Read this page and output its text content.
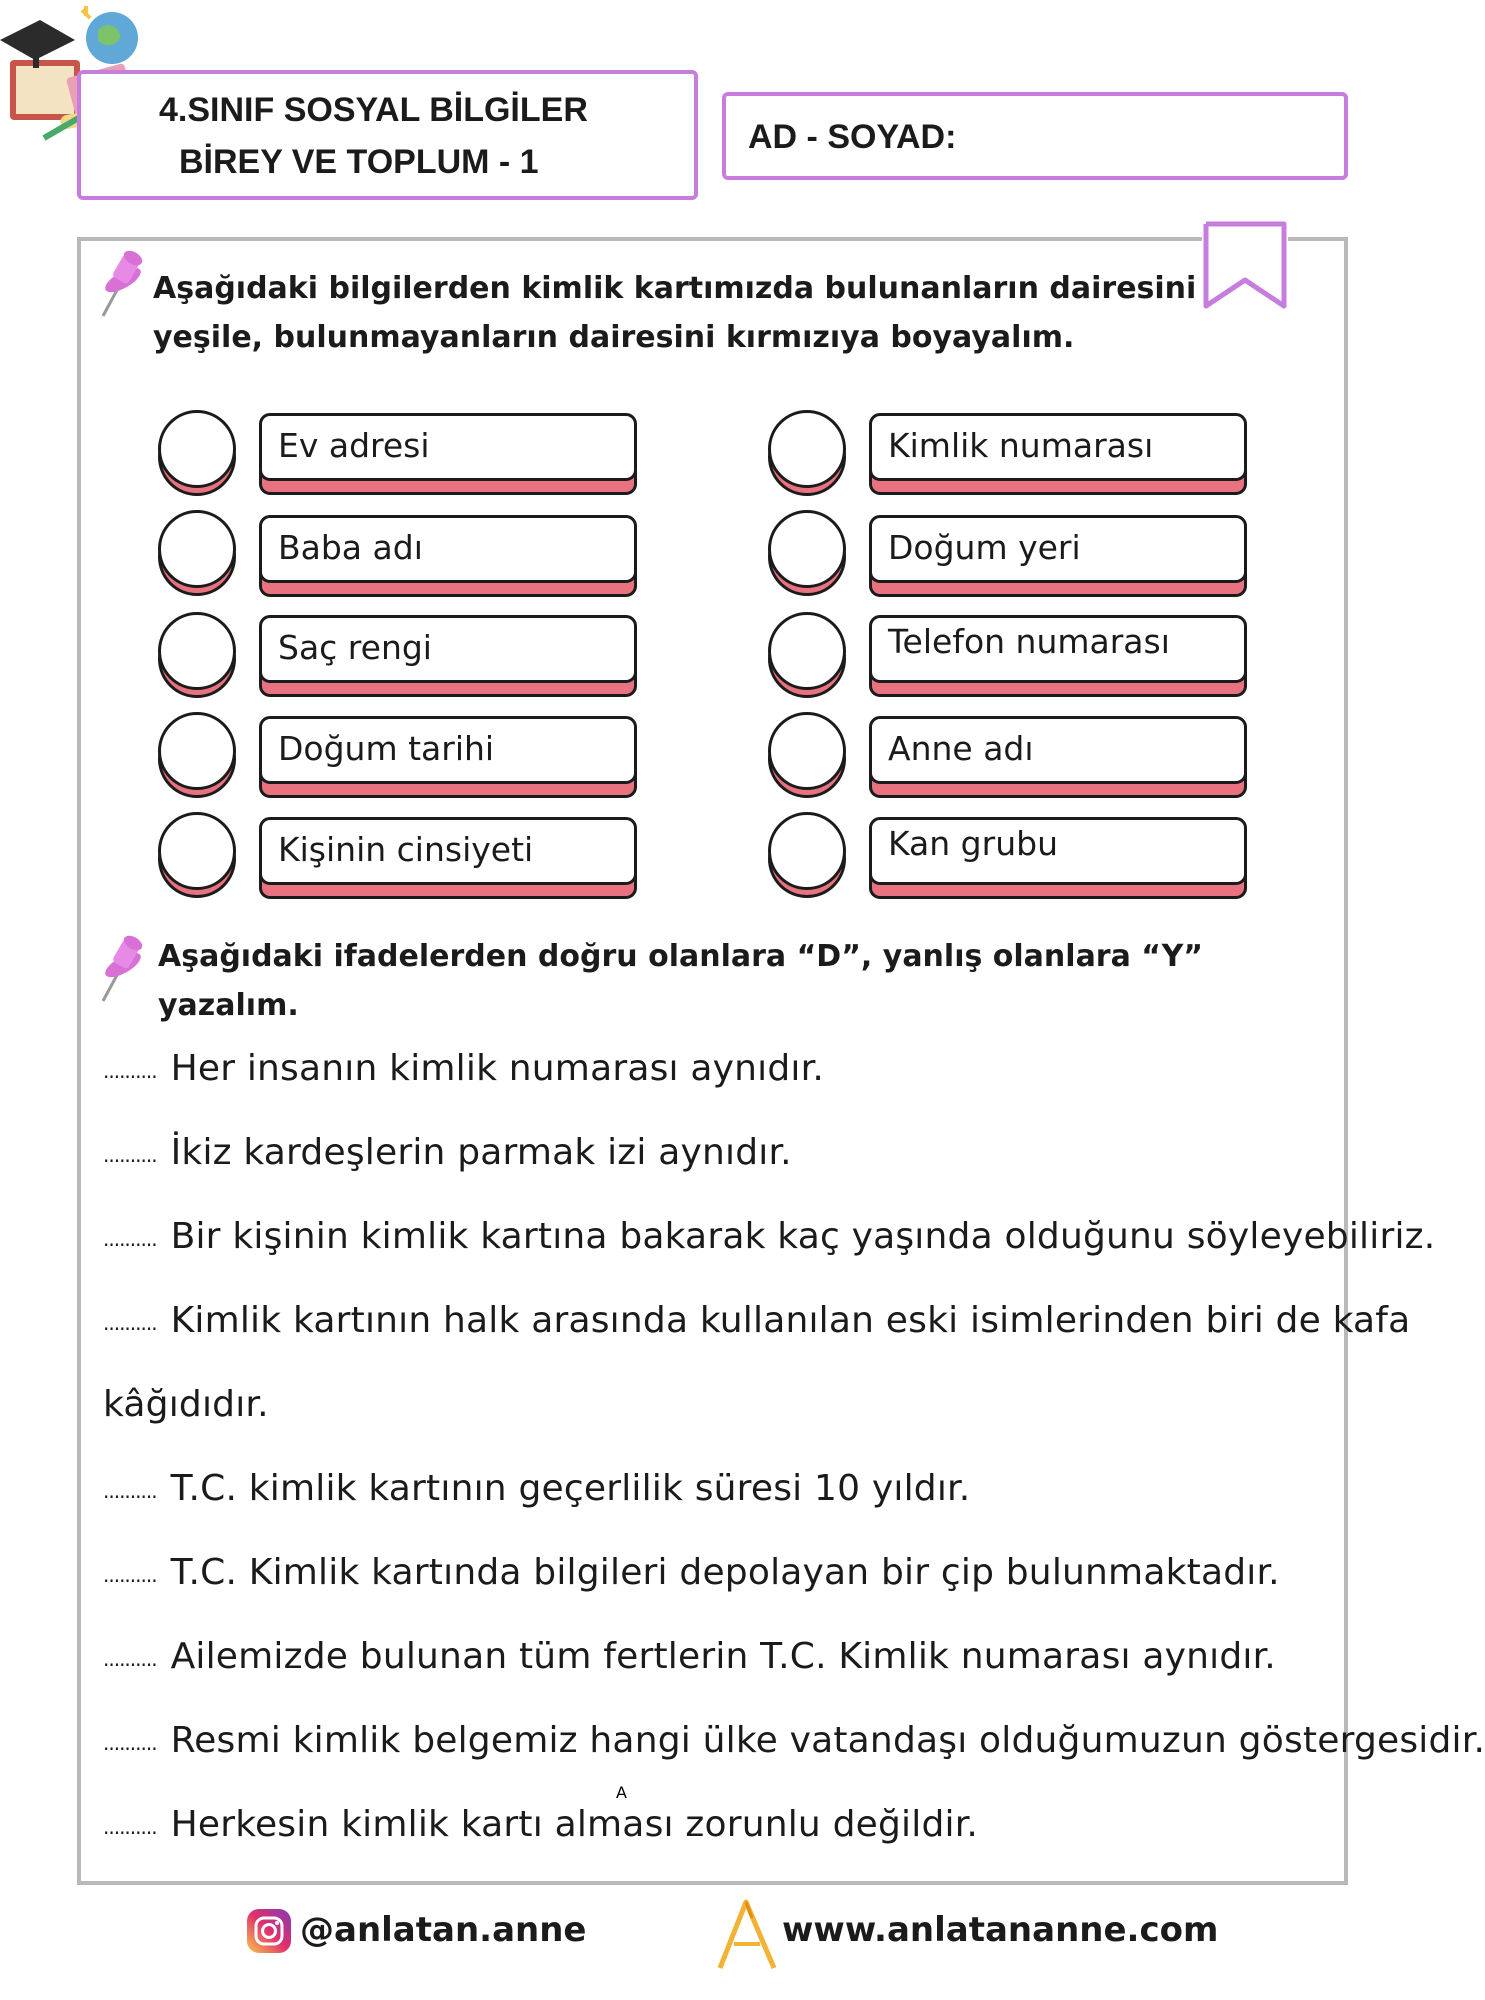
4.SINIF SOSYAL BİLGİLER
BİREY VE TOPLUM - 1
AD - SOYAD:
Aşağıdaki bilgilerden kimlik kartımızda bulunanların dairesini
yeşile, bulunmayanların dairesini kırmızıya boyayalım.
Ev adresi
Baba adı
Saç rengi
Doğum tarihi
Kişinin cinsiyeti
Kimlik numarası
Doğum yeri
Telefon numarası
Anne adı
Kan grubu
Aşağıdaki ifadelerden doğru olanlara “D”, yanlış olanlara “Y”
yazalım.
.......... Her insanın kimlik numarası aynıdır.
.......... İkiz kardeşlerin parmak izi aynıdır.
.......... Bir kişinin kimlik kartına bakarak kaç yaşında olduğunu söyleyebiliriz.
.......... Kimlik kartının halk arasında kullanılan eski isimlerinden biri de kafa
kâğıdıdır.
.......... T.C. kimlik kartının geçerlilik süresi 10 yıldır.
.......... T.C. Kimlik kartında bilgileri depolayan bir çip bulunmaktadır.
.......... Ailemizde bulunan tüm fertlerin T.C. Kimlik numarası aynıdır.
.......... Resmi kimlik belgemiz hangi ülke vatandaşı olduğumuzun göstergesidir.
.......... Herkesin kimlik kartı alması zorunlu değildir.
@anlatan.anne
A
www.anlatananne.com
